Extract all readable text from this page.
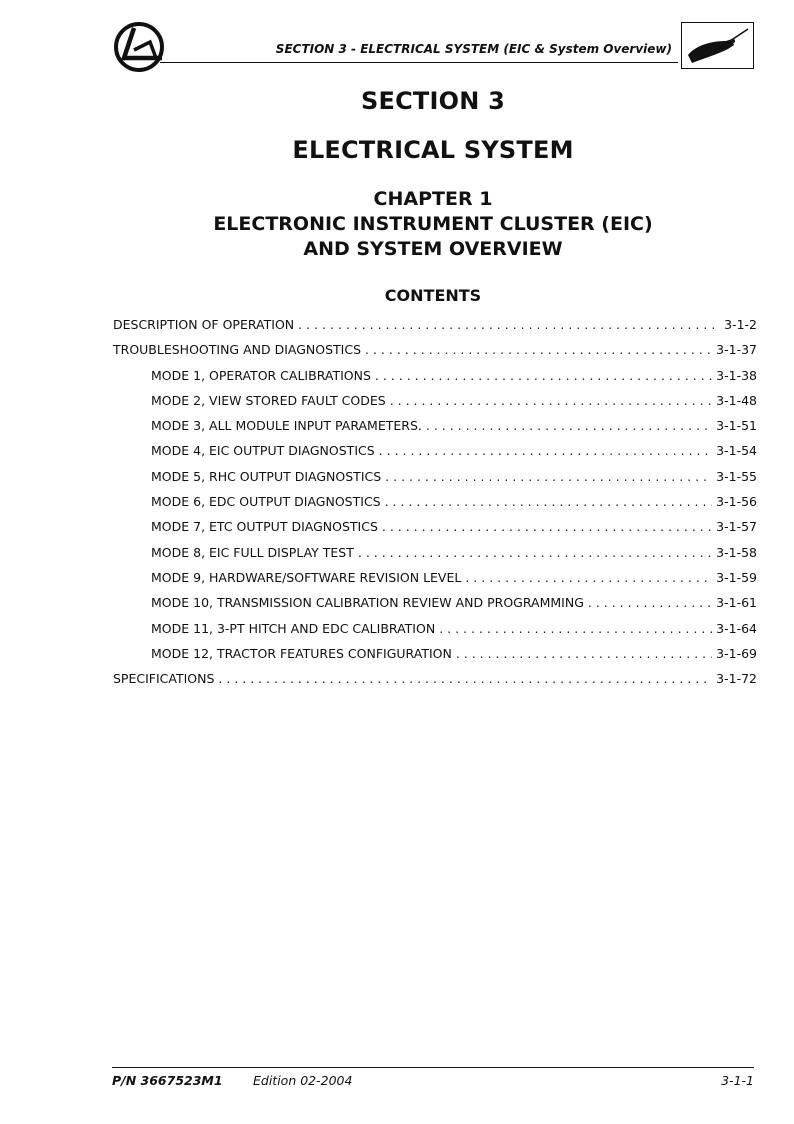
SECTION 3 - ELECTRICAL SYSTEM (EIC & System Overview)
SECTION 3
ELECTRICAL SYSTEM
CHAPTER 1
ELECTRONIC INSTRUMENT CLUSTER (EIC)
AND SYSTEM OVERVIEW
CONTENTS
DESCRIPTION OF OPERATION . . .	3-1-2
TROUBLESHOOTING AND DIAGNOSTICS . . .	3-1-37
MODE 1, OPERATOR CALIBRATIONS . . .	3-1-38
MODE 2, VIEW STORED FAULT CODES . . .	3-1-48
MODE 3, ALL MODULE INPUT PARAMETERS. . . .	3-1-51
MODE 4, EIC OUTPUT DIAGNOSTICS . . .	3-1-54
MODE 5, RHC OUTPUT DIAGNOSTICS . . .	3-1-55
MODE 6, EDC OUTPUT DIAGNOSTICS . . .	3-1-56
MODE 7, ETC OUTPUT DIAGNOSTICS . . .	3-1-57
MODE 8, EIC FULL DISPLAY TEST . . .	3-1-58
MODE 9, HARDWARE/SOFTWARE REVISION LEVEL . . .	3-1-59
MODE 10, TRANSMISSION CALIBRATION REVIEW AND PROGRAMMING . . .	3-1-61
MODE 11, 3-PT HITCH AND EDC CALIBRATION . . .	3-1-64
MODE 12, TRACTOR FEATURES CONFIGURATION . . .	3-1-69
SPECIFICATIONS . . .	3-1-72
P/N 3667523M1 Edition 02-2004	3-1-1
